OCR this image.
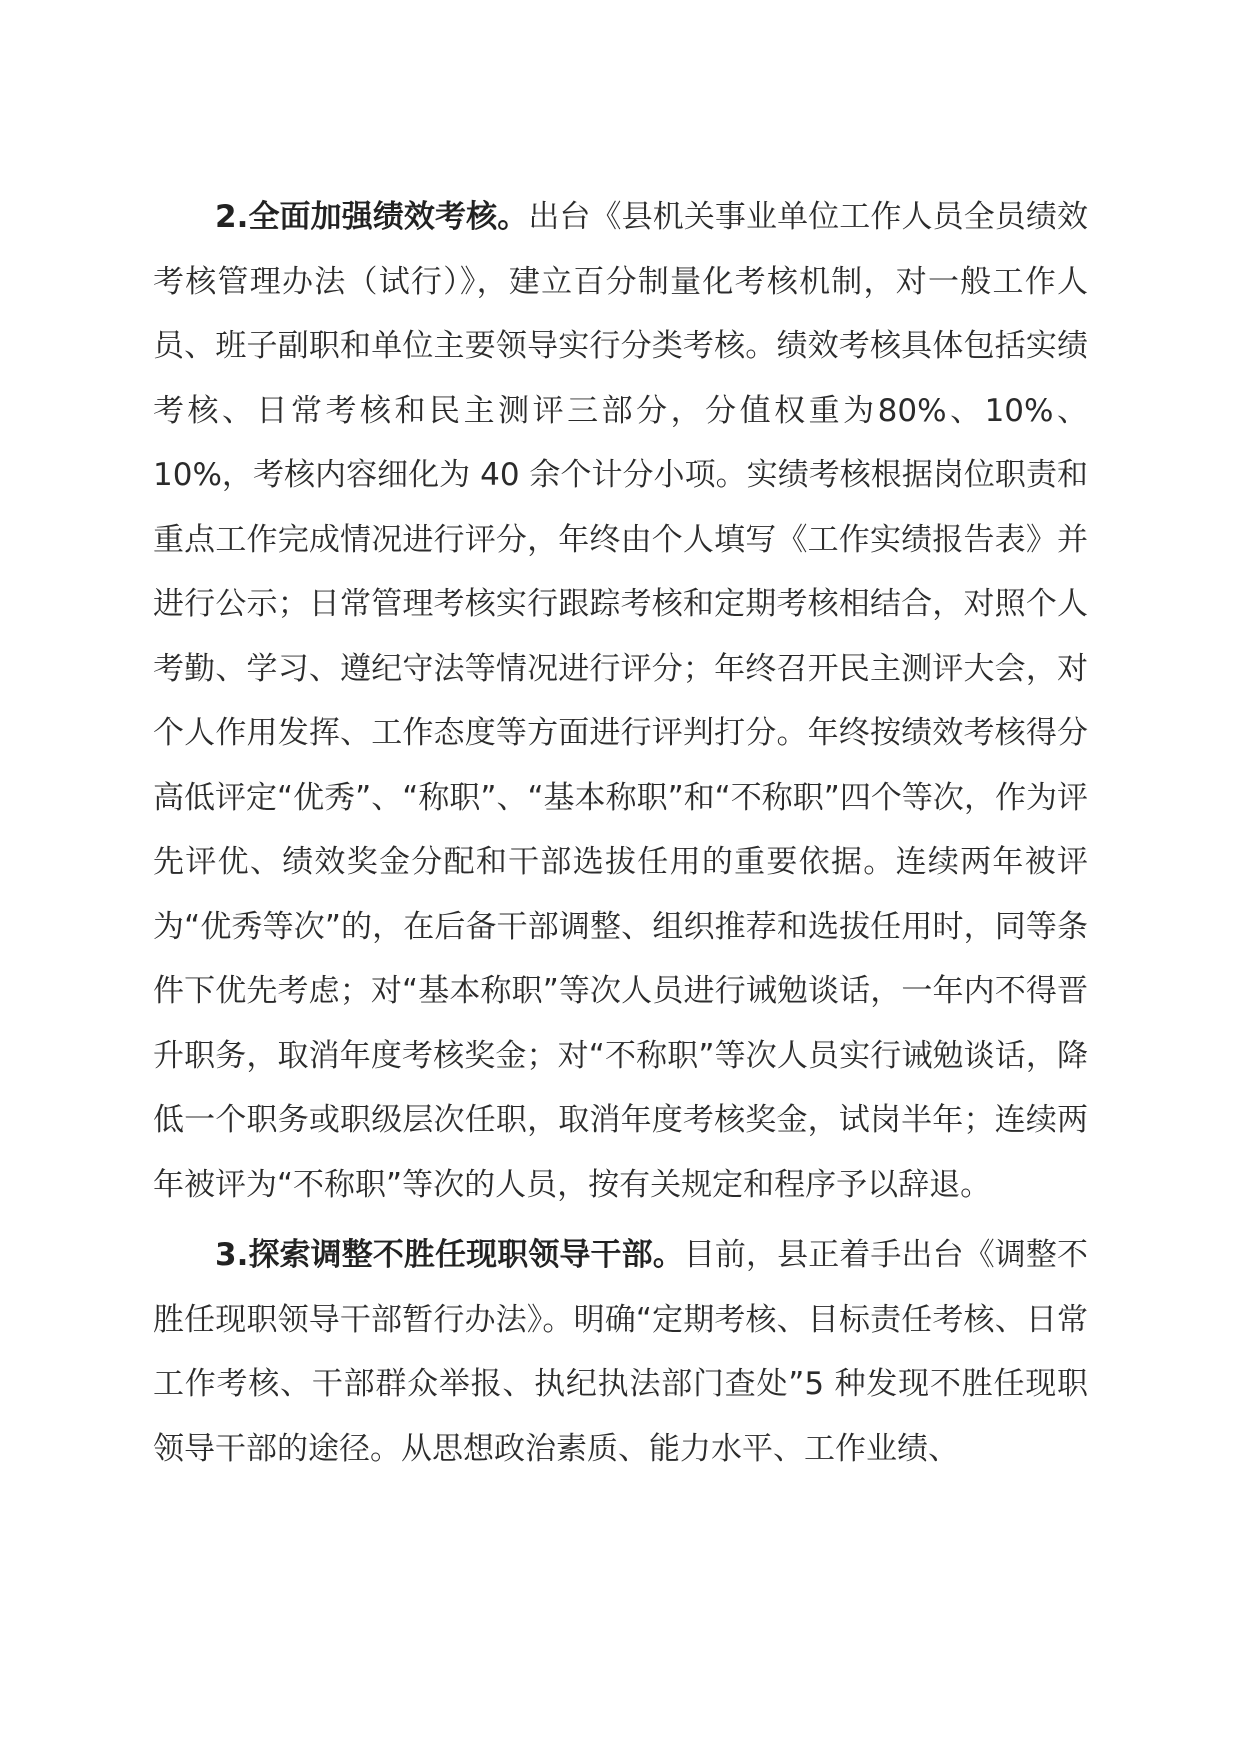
2.全面加强绩效考核。出台《县机关事业单位工作人员全员绩效考核管理办法（试行）》，建立百分制量化考核机制，对一般工作人员、班子副职和单位主要领导实行分类考核。绩效考核具体包括实绩考核、日常考核和民主测评三部分，分值权重为80%、10%、10%，考核内容细化为 40 余个计分小项。实绩考核根据岗位职责和重点工作完成情况进行评分，年终由个人填写《工作实绩报告表》并进行公示；日常管理考核实行跟踪考核和定期考核相结合，对照个人考勤、学习、遵纪守法等情况进行评分；年终召开民主测评大会，对个人作用发挥、工作态度等方面进行评判打分。年终按绩效考核得分高低评定“优秀”、“称职”、“基本称职”和“不称职”四个等次，作为评先评优、绩效奖金分配和干部选拔任用的重要依据。连续两年被评为“优秀等次”的，在后备干部调整、组织推荐和选拔任用时，同等条件下优先考虑；对“基本称职”等次人员进行诫勉谈话，一年内不得晋升职务，取消年度考核奖金；对“不称职”等次人员实行诫勉谈话，降低一个职务或职级层次任职，取消年度考核奖金，试岗半年；连续两年被评为“不称职”等次的人员，按有关规定和程序予以辞退。

3.探索调整不胜任现职领导干部。目前，县正着手出台《调整不胜任现职领导干部暂行办法》。明确“定期考核、目标责任考核、日常工作考核、干部群众举报、执纪执法部门查处”5 种发现不胜任现职领导干部的途径。从思想政治素质、能力水平、工作业绩、
